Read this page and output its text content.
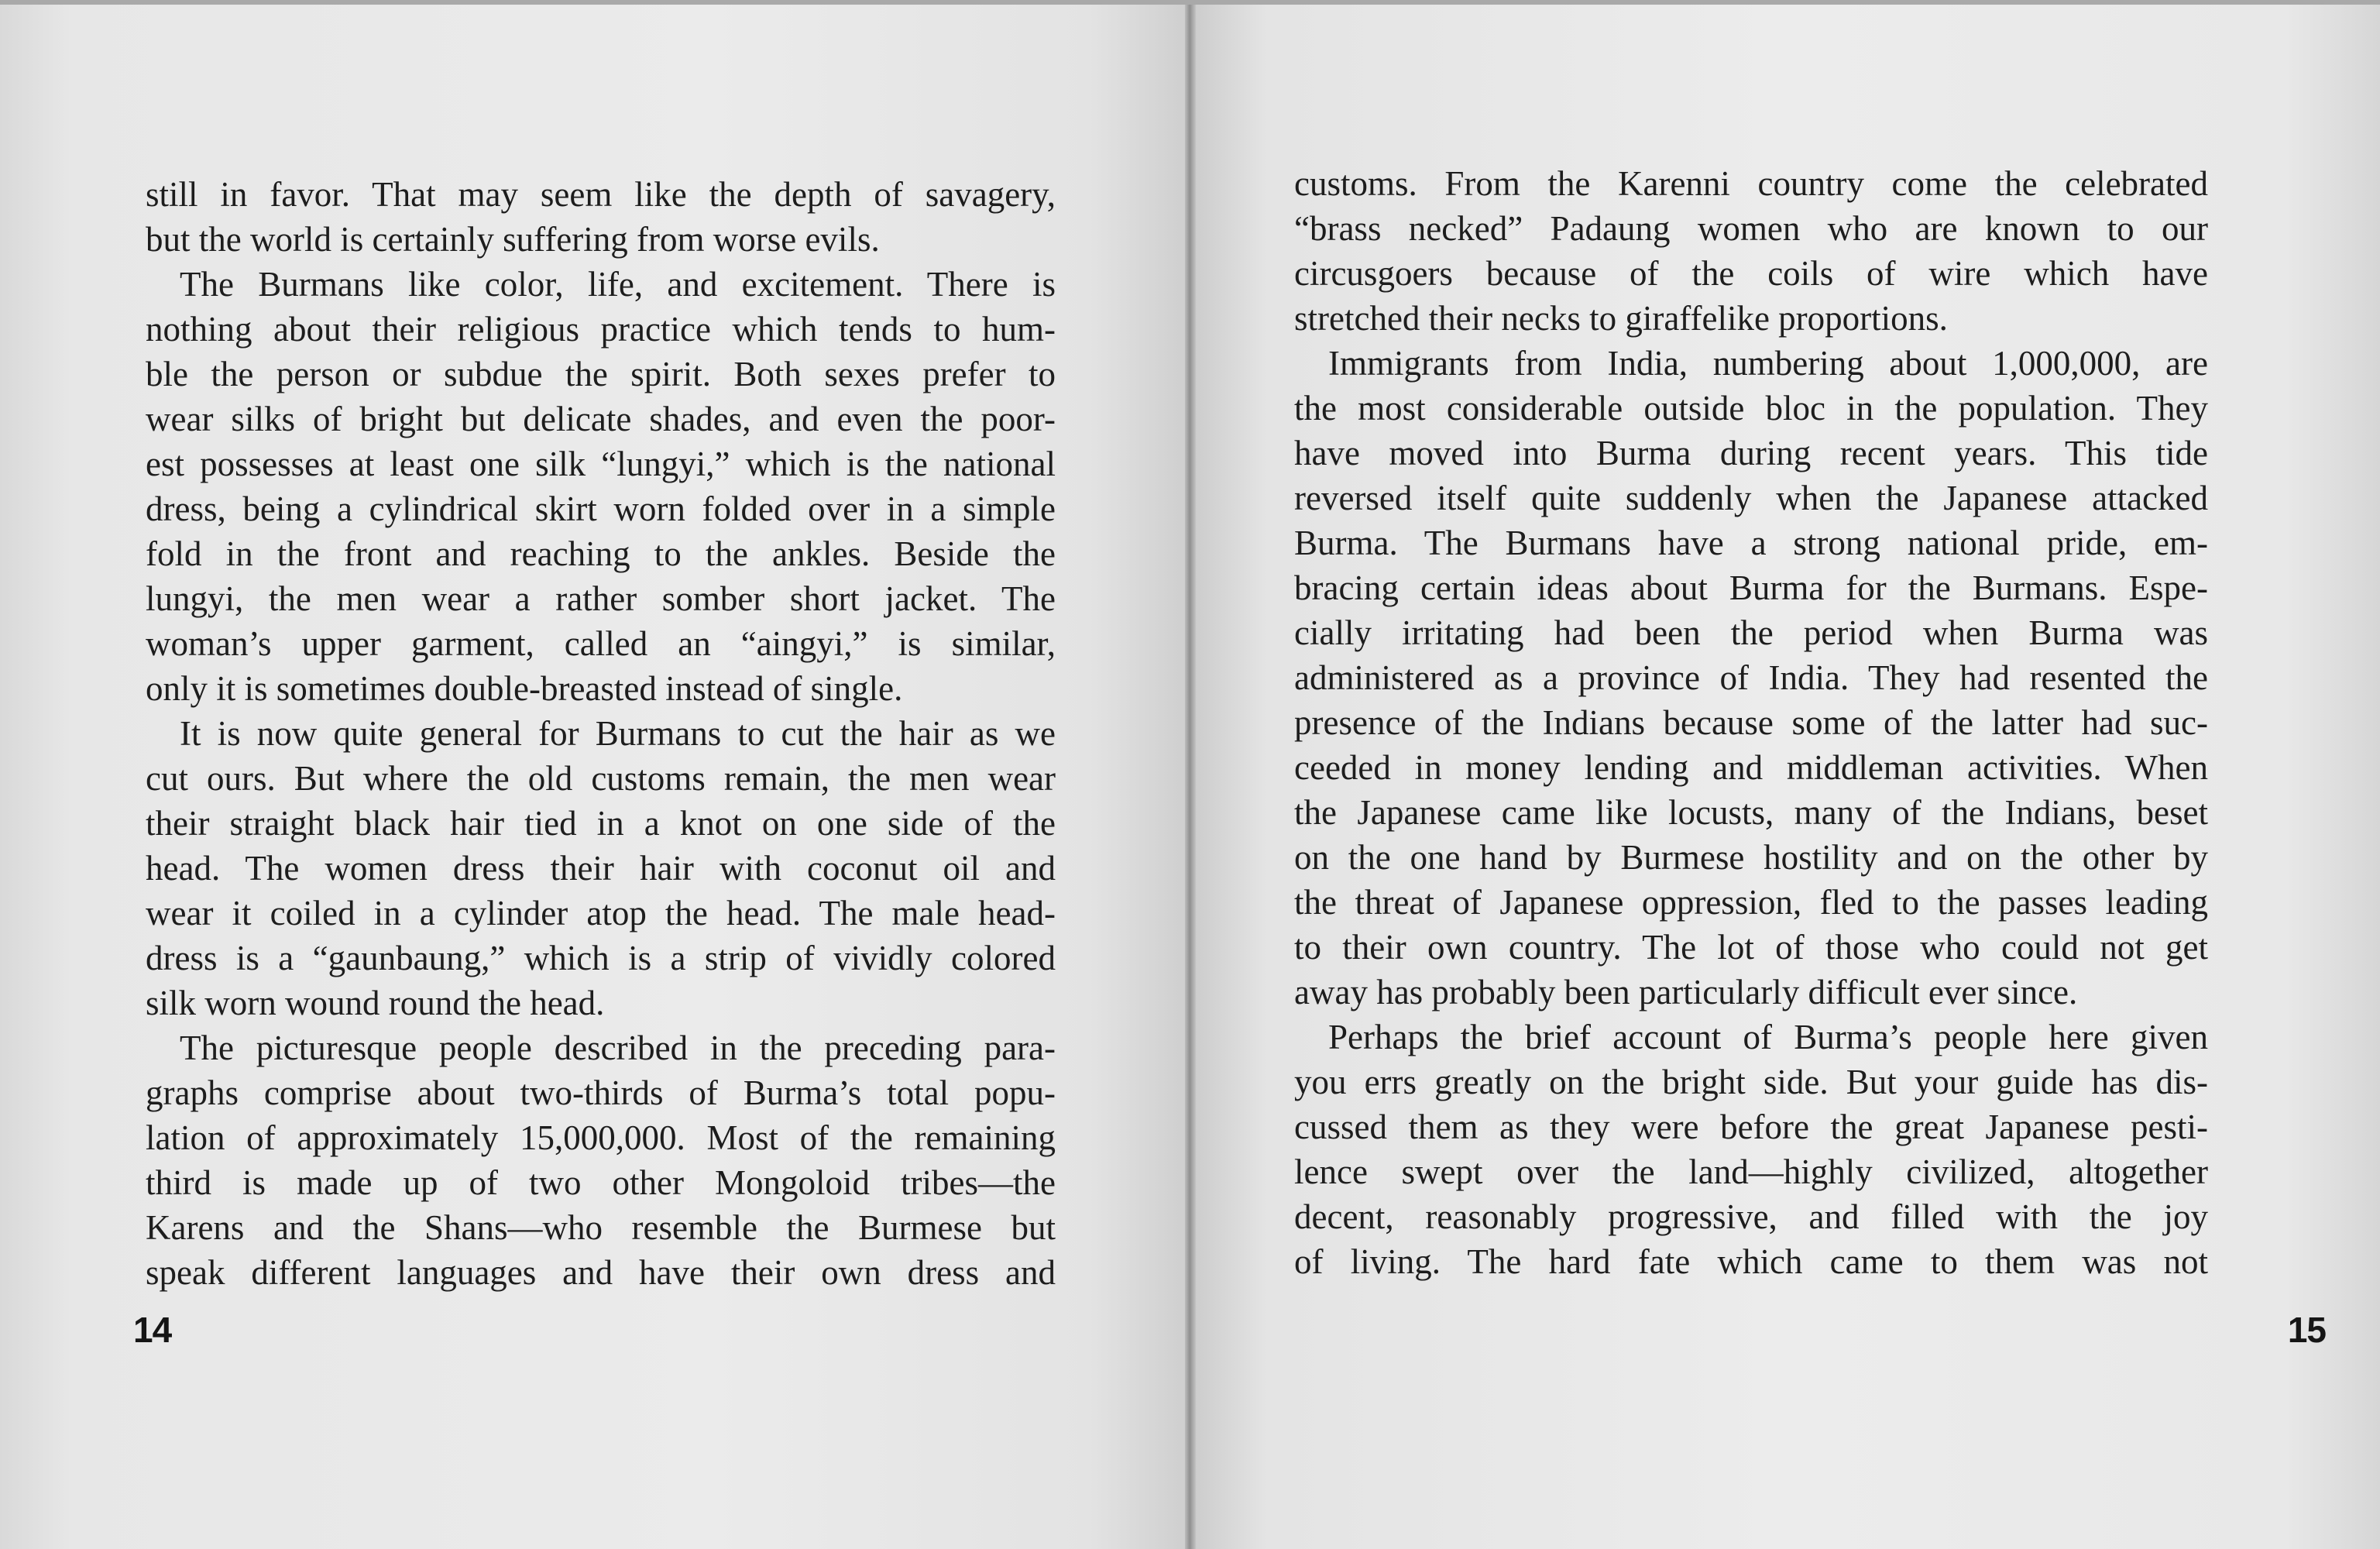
still in favor. That may seem like the depth of savagery,
but the world is certainly suffering from worse evils.
The Burmans like color, life, and excitement. There is
nothing about their religious practice which tends to hum-
ble the person or subdue the spirit. Both sexes prefer to
wear silks of bright but delicate shades, and even the poor-
est possesses at least one silk “lungyi,” which is the national
dress, being a cylindrical skirt worn folded over in a simple
fold in the front and reaching to the ankles. Beside the
lungyi, the men wear a rather somber short jacket. The
woman’s upper garment, called an “aingyi,” is similar,
only it is sometimes double-breasted instead of single.
It is now quite general for Burmans to cut the hair as we
cut ours. But where the old customs remain, the men wear
their straight black hair tied in a knot on one side of the
head. The women dress their hair with coconut oil and
wear it coiled in a cylinder atop the head. The male head-
dress is a “gaunbaung,” which is a strip of vividly colored
silk worn wound round the head.
The picturesque people described in the preceding para-
graphs comprise about two-thirds of Burma’s total popu-
lation of approximately 15,000,000. Most of the remaining
third is made up of two other Mongoloid tribes—the
Karens and the Shans—who resemble the Burmese but
speak different languages and have their own dress and
14
customs. From the Karenni country come the celebrated
“brass necked” Padaung women who are known to our
circusgoers because of the coils of wire which have
stretched their necks to giraffelike proportions.
Immigrants from India, numbering about 1,000,000, are
the most considerable outside bloc in the population. They
have moved into Burma during recent years. This tide
reversed itself quite suddenly when the Japanese attacked
Burma. The Burmans have a strong national pride, em-
bracing certain ideas about Burma for the Burmans. Espe-
cially irritating had been the period when Burma was
administered as a province of India. They had resented the
presence of the Indians because some of the latter had suc-
ceeded in money lending and middleman activities. When
the Japanese came like locusts, many of the Indians, beset
on the one hand by Burmese hostility and on the other by
the threat of Japanese oppression, fled to the passes leading
to their own country. The lot of those who could not get
away has probably been particularly difficult ever since.
Perhaps the brief account of Burma’s people here given
you errs greatly on the bright side. But your guide has dis-
cussed them as they were before the great Japanese pesti-
lence swept over the land—highly civilized, altogether
decent, reasonably progressive, and filled with the joy
of living. The hard fate which came to them was not
15
